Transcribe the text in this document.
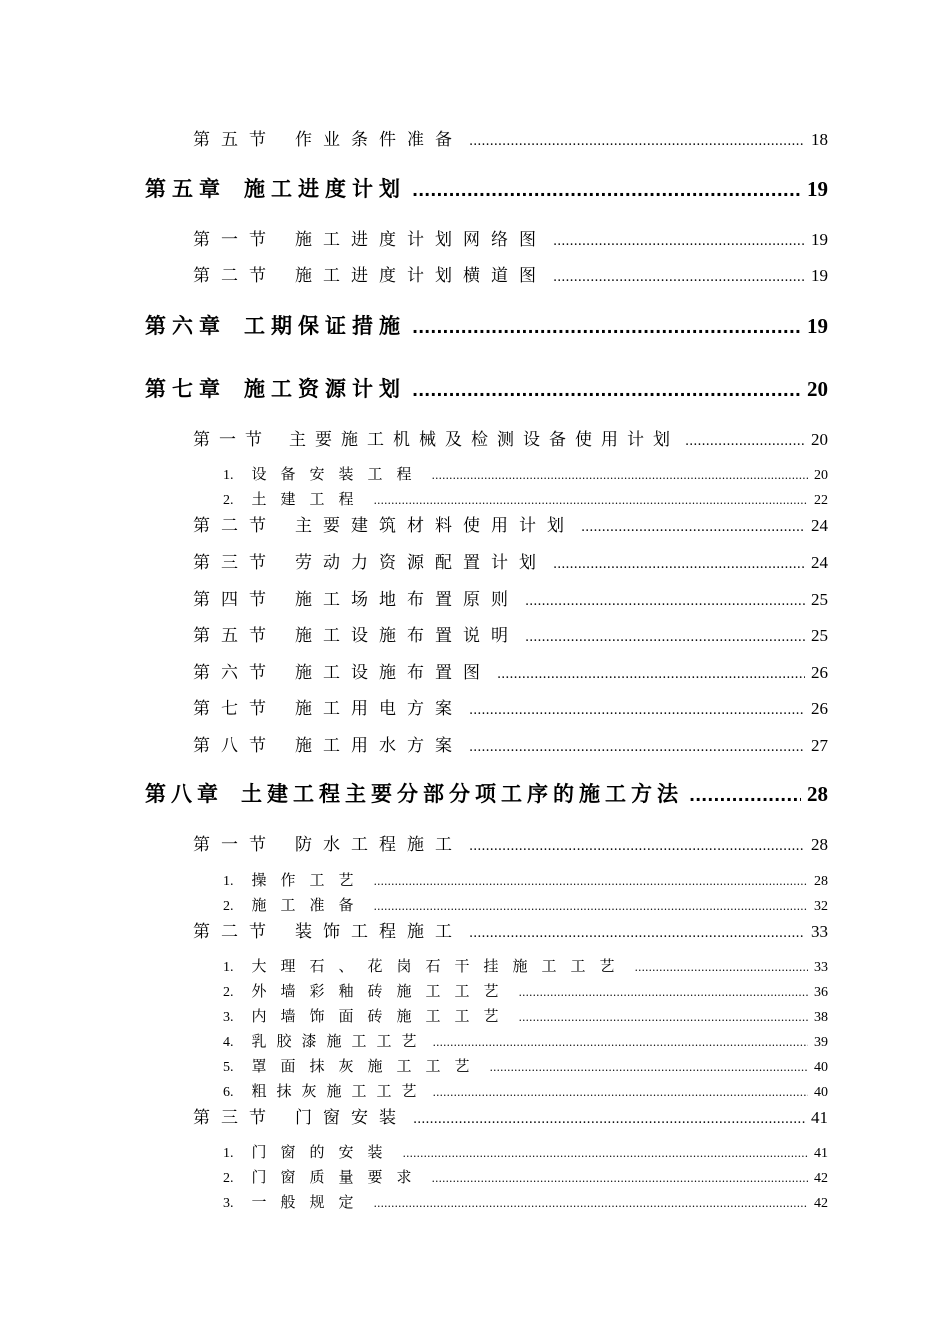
第五节 作业条件准备 .....	18
第五章 施工进度计划 .....	19
第一节 施工进度计划网络图 .....	19
第二节 施工进度计划横道图 .....	19
第六章 工期保证措施 .....	19
第七章 施工资源计划 .....	20
第一节 主要施工机械及检测设备使用计划 .....	20
1. 设备安装工程 .....	20
2. 土建工程 .....	22
第二节 主要建筑材料使用计划 .....	24
第三节 劳动力资源配置计划 .....	24
第四节 施工场地布置原则 .....	25
第五节 施工设施布置说明 .....	25
第六节 施工设施布置图 .....	26
第七节 施工用电方案 .....	26
第八节 施工用水方案 .....	27
第八章 土建工程主要分部分项工序的施工方法 .....	28
第一节 防水工程施工 .....	28
1. 操作工艺 .....	28
2. 施工准备 .....	32
第二节 装饰工程施工 .....	33
1. 大理石、花岗石干挂施工工艺 .....	33
2. 外墙彩釉砖施工工艺 .....	36
3. 内墙饰面砖施工工艺 .....	38
4. 乳胶漆施工工艺 .....	39
5. 罩面抹灰施工工艺 .....	40
6. 粗抹灰施工工艺 .....	40
第三节 门窗安装 .....	41
1. 门窗的安装 .....	41
2. 门窗质量要求 .....	42
3. 一般规定 .....	42
